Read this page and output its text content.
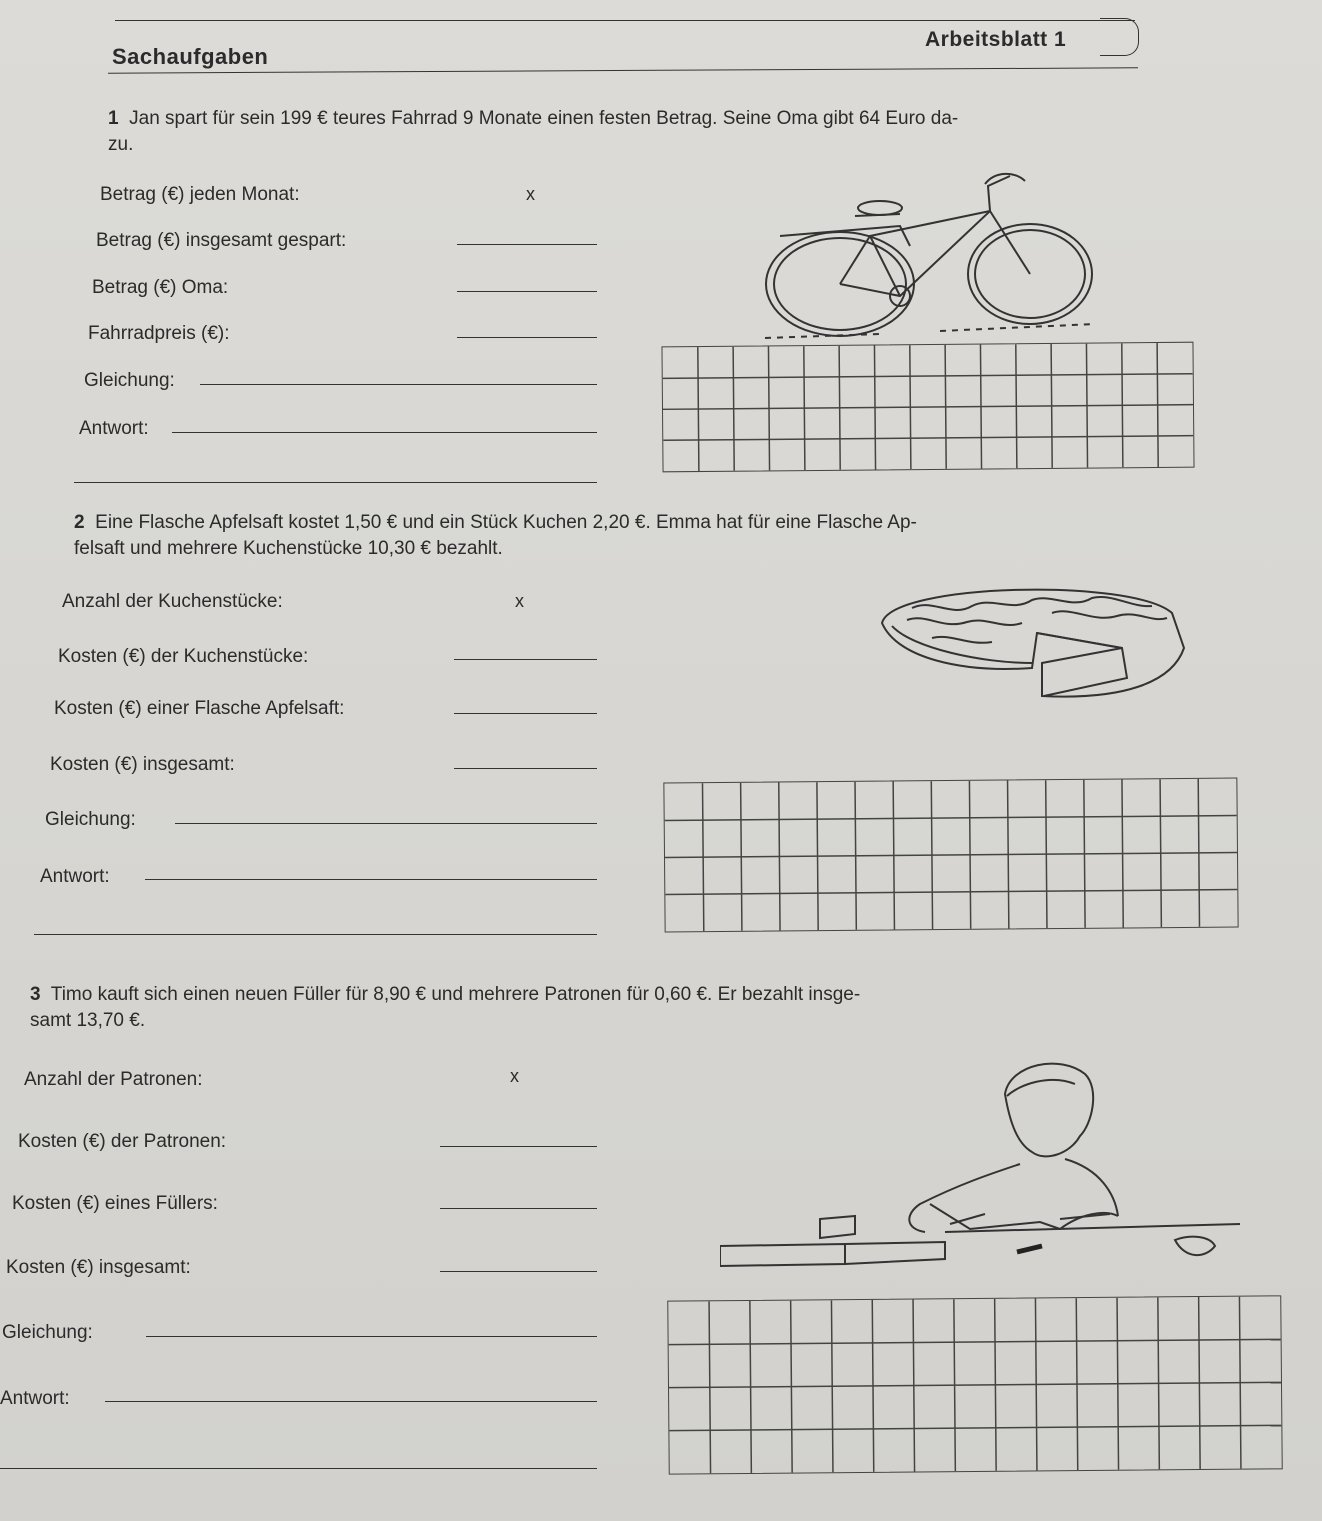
Sachaufgaben
Arbeitsblatt 1
1 Jan spart für sein 199 € teures Fahrrad 9 Monate einen festen Betrag. Seine Oma gibt 64 Euro da-
zu.
Betrag (€) jeden Monat:	x
Betrag (€) insgesamt gespart:
Betrag (€) Oma:
Fahrradpreis (€):
Gleichung:
Antwort:
2 Eine Flasche Apfelsaft kostet 1,50 € und ein Stück Kuchen 2,20 €. Emma hat für eine Flasche Ap-
felsaft und mehrere Kuchenstücke 10,30 € bezahlt.
Anzahl der Kuchenstücke:	x
Kosten (€) der Kuchenstücke:
Kosten (€) einer Flasche Apfelsaft:
Kosten (€) insgesamt:
Gleichung:
Antwort:
3 Timo kauft sich einen neuen Füller für 8,90 € und mehrere Patronen für 0,60 €. Er bezahlt insge-
samt 13,70 €.
Anzahl der Patronen:	x
Kosten (€) der Patronen:
Kosten (€) eines Füllers:
Kosten (€) insgesamt:
Gleichung:
Antwort:
